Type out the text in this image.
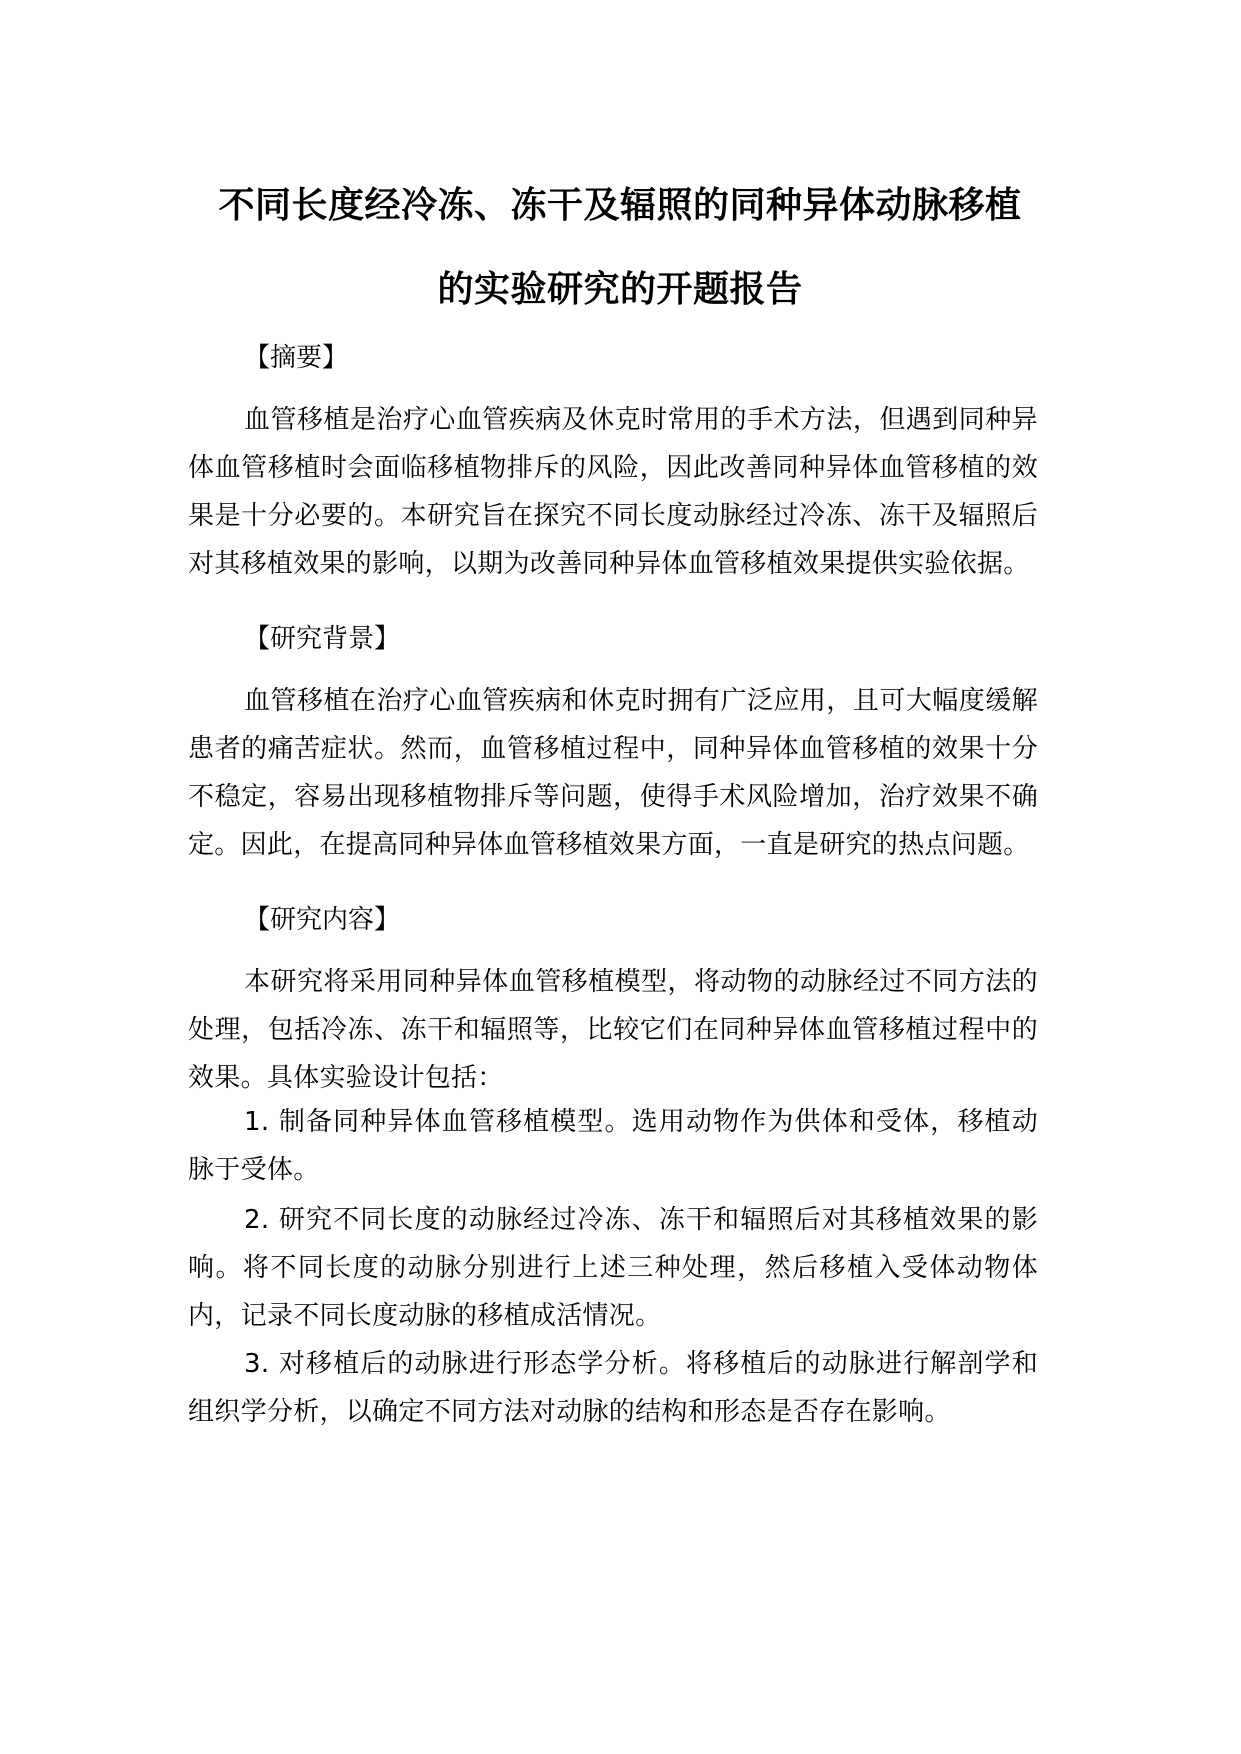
不同长度经冷冻、冻干及辐照的同种异体动脉移植
的实验研究的开题报告
【摘要】

血管移植是治疗心血管疾病及休克时常用的手术方法，但遇到同种异体血管移植时会面临移植物排斥的风险，因此改善同种异体血管移植的效果是十分必要的。本研究旨在探究不同长度动脉经过冷冻、冻干及辐照后对其移植效果的影响，以期为改善同种异体血管移植效果提供实验依据。

【研究背景】

血管移植在治疗心血管疾病和休克时拥有广泛应用，且可大幅度缓解患者的痛苦症状。然而，血管移植过程中，同种异体血管移植的效果十分不稳定，容易出现移植物排斥等问题，使得手术风险增加，治疗效果不确定。因此，在提高同种异体血管移植效果方面，一直是研究的热点问题。

【研究内容】

本研究将采用同种异体血管移植模型，将动物的动脉经过不同方法的处理，包括冷冻、冻干和辐照等，比较它们在同种异体血管移植过程中的效果。具体实验设计包括：

1. 制备同种异体血管移植模型。选用动物作为供体和受体，移植动脉于受体。

2. 研究不同长度的动脉经过冷冻、冻干和辐照后对其移植效果的影响。将不同长度的动脉分别进行上述三种处理，然后移植入受体动物体内，记录不同长度动脉的移植成活情况。

3. 对移植后的动脉进行形态学分析。将移植后的动脉进行解剖学和组织学分析，以确定不同方法对动脉的结构和形态是否存在影响。
